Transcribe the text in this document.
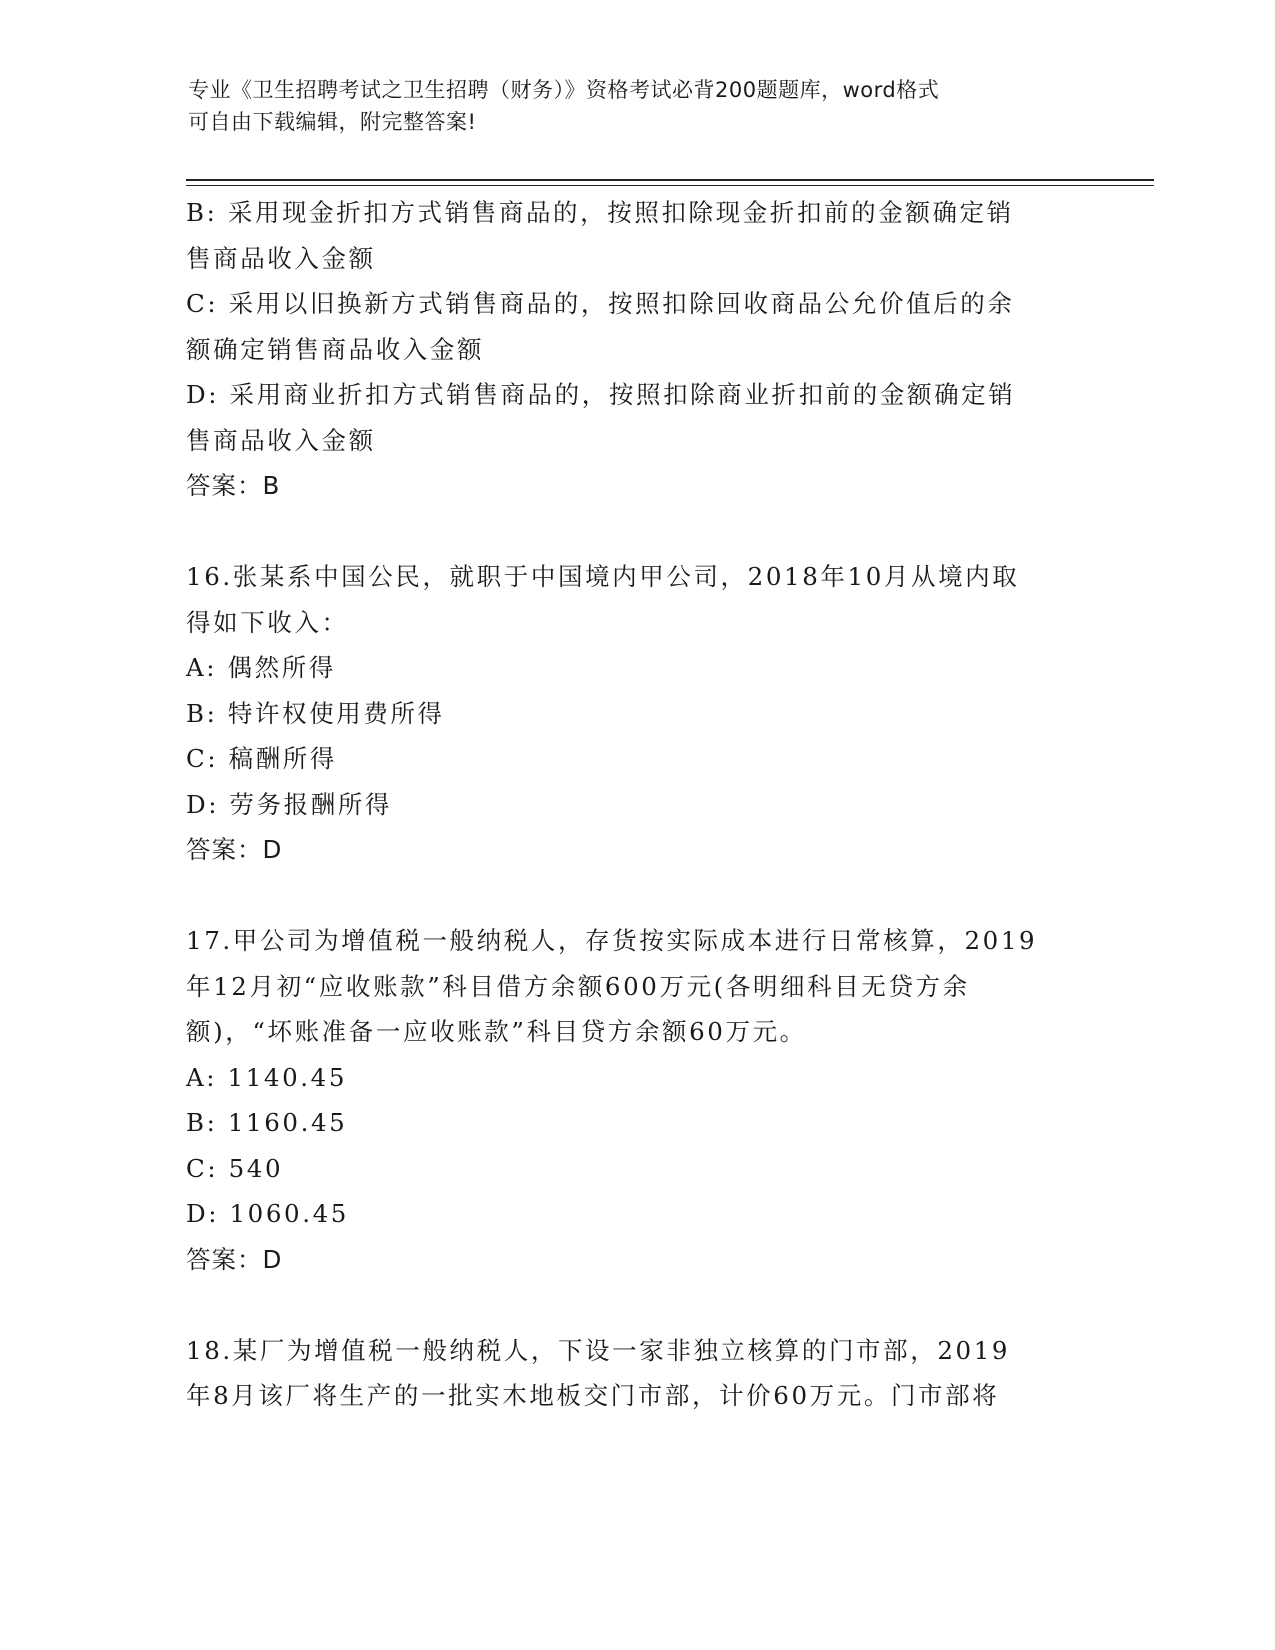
专业《卫生招聘考试之卫生招聘（财务）》资格考试必背200题题库，word格式
可自由下载编辑，附完整答案!
B: 采用现金折扣方式销售商品的，按照扣除现金折扣前的金额确定销
售商品收入金额
C: 采用以旧换新方式销售商品的，按照扣除回收商品公允价值后的余
额确定销售商品收入金额
D: 采用商业折扣方式销售商品的，按照扣除商业折扣前的金额确定销
售商品收入金额
答案：B
16.张某系中国公民，就职于中国境内甲公司，2018年10月从境内取
得如下收入：
A: 偶然所得
B: 特许权使用费所得
C: 稿酬所得
D: 劳务报酬所得
答案：D
17.甲公司为增值税一般纳税人，存货按实际成本进行日常核算，2019
年12月初“应收账款”科目借方余额600万元(各明细科目无贷方余
额)，“坏账准备一应收账款”科目贷方余额60万元。
A: 1140.45
B: 1160.45
C: 540
D: 1060.45
答案：D
18.某厂为增值税一般纳税人，下设一家非独立核算的门市部，2019
年8月该厂将生产的一批实木地板交门市部，计价60万元。门市部将
